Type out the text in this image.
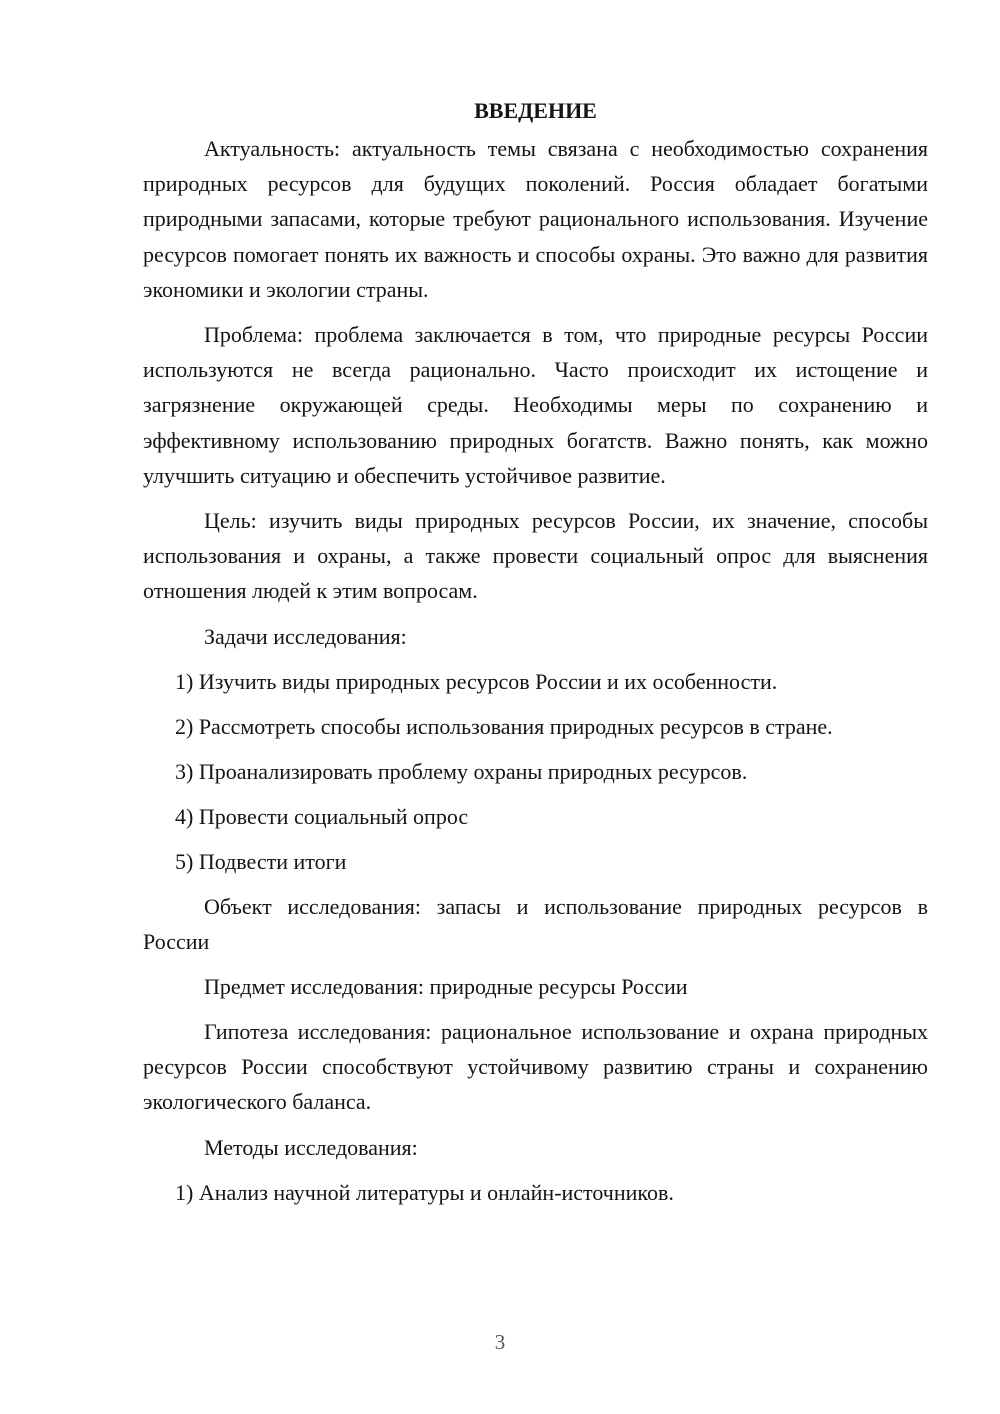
ВВЕДЕНИЕ

Актуальность: актуальность темы связана с необходимостью сохранения природных ресурсов для будущих поколений. Россия обладает богатыми природными запасами, которые требуют рационального использования. Изучение ресурсов помогает понять их важность и способы охраны. Это важно для развития экономики и экологии страны.

Проблема: проблема заключается в том, что природные ресурсы России используются не всегда рационально. Часто происходит их истощение и загрязнение окружающей среды. Необходимы меры по сохранению и эффективному использованию природных богатств. Важно понять, как можно улучшить ситуацию и обеспечить устойчивое развитие.

Цель: изучить виды природных ресурсов России, их значение, способы использования и охраны, а также провести социальный опрос для выяснения отношения людей к этим вопросам.

Задачи исследования:

1) Изучить виды природных ресурсов России и их особенности.

2) Рассмотреть способы использования природных ресурсов в стране.

3) Проанализировать проблему охраны природных ресурсов.

4) Провести социальный опрос

5) Подвести итоги

Объект исследования: запасы и использование природных ресурсов в России

Предмет исследования: природные ресурсы России

Гипотеза исследования: рациональное использование и охрана природных ресурсов России способствуют устойчивому развитию страны и сохранению экологического баланса.

Методы исследования:

1) Анализ научной литературы и онлайн-источников.

3
